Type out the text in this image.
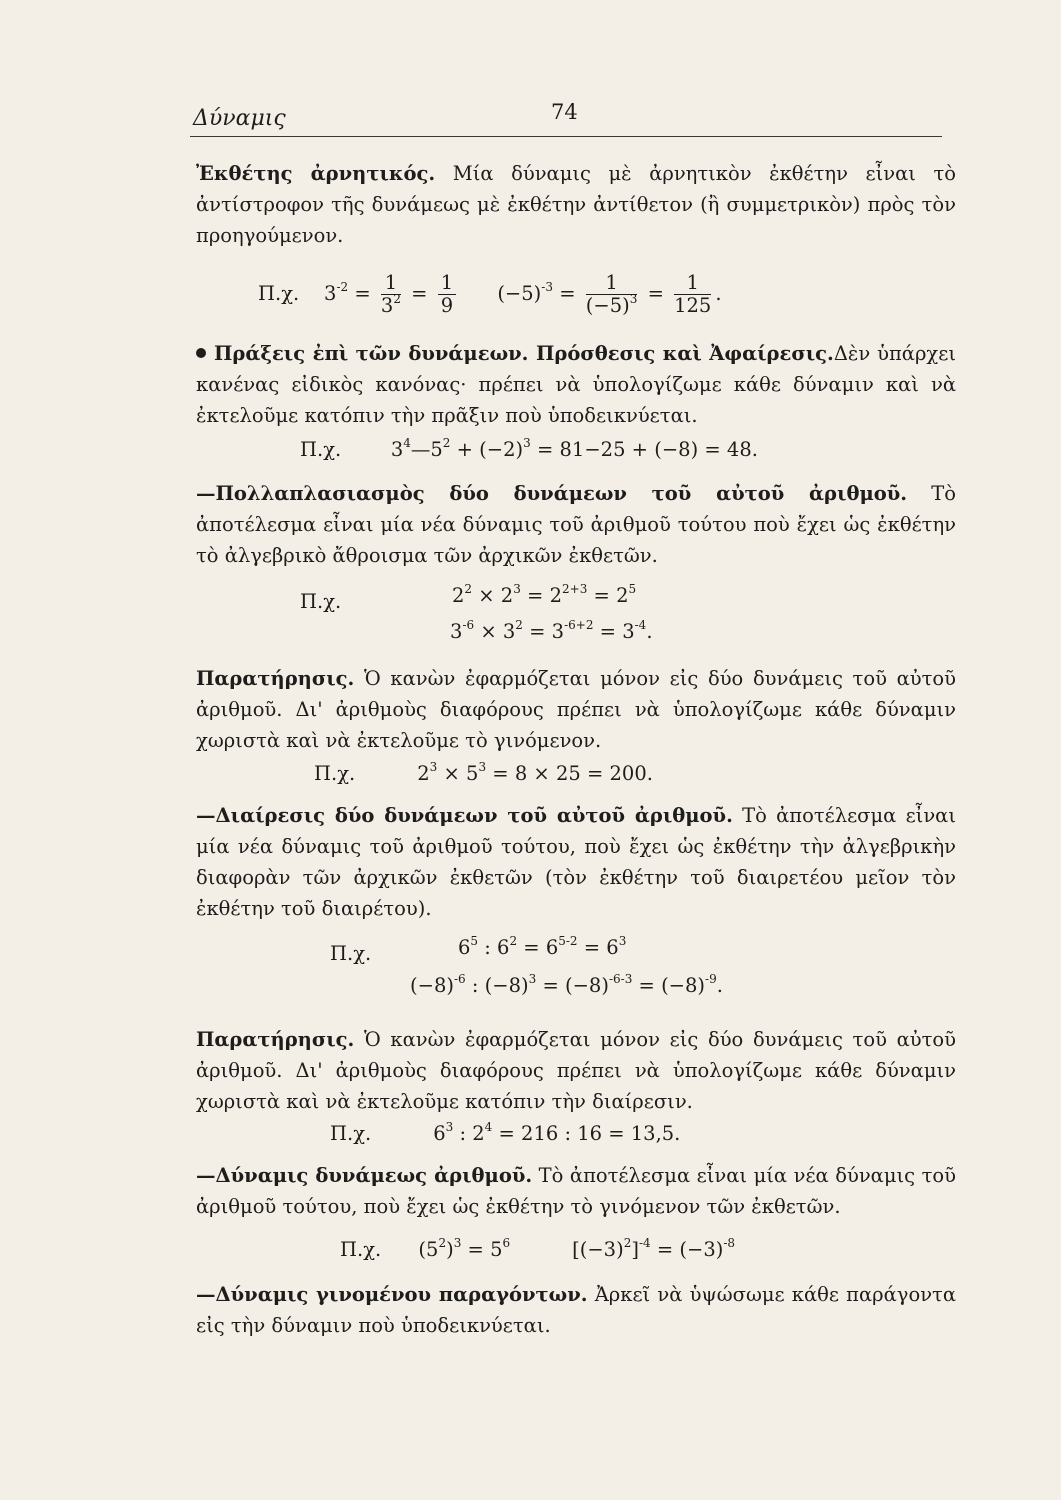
Δύναμις	74
Ἐκθέτης ἀρνητικός. Μία δύναμις μὲ ἀρνητικὸν ἐκθέτην εἶναι τὸ ἀντίστροφον τῆς δυνάμεως μὲ ἐκθέτην ἀντίθετον (ἢ συμμετρικὸν) πρὸς τὸν προηγούμενον.
Π.χ. $3^{-2} = \frac{1}{3^2} = \frac{1}{9} (-5)^{-3} = \frac{1}{(-5)^3} = \frac{1}{125}$ .
Πράξεις ἐπὶ τῶν δυνάμεων. Πρόσθεσις καὶ Ἀφαίρεσις.Δὲν ὑπάρχει κανένας εἰδικὸς κανόνας· πρέπει νὰ ὑπολογίζωμε κάθε δύναμιν καὶ νὰ ἐκτελοῦμε κατόπιν τὴν πρᾶξιν ποὺ ὑποδεικνύεται.
Π.χ.	$3^4—5^2 + (-2)^3 = 81-25 + (-8) = 48$.
—Πολλαπλασιασμὸς δύο δυνάμεων τοῦ αὐτοῦ ἀριθμοῦ. Τὸ ἀποτέλεσμα εἶναι μία νέα δύναμις τοῦ ἀριθμοῦ τούτου ποὺ ἔχει ὡς ἐκθέτην τὸ ἀλγεβρικὸ ἄθροισμα τῶν ἀρχικῶν ἐκθετῶν.
Π.χ.	$2^2 \times 2^3 = 2^{2+3} = 2^5$
$3^{-6} \times 3^2 = 3^{-6+2} = 3^{-4}$.
Παρατήρησις. Ὁ κανὼν ἐφαρμόζεται μόνον εἰς δύο δυνάμεις τοῦ αὐτοῦ ἀριθμοῦ. Δι' ἀριθμοὺς διαφόρους πρέπει νὰ ὑπολογίζωμε κάθε δύναμιν χωριστὰ καὶ νὰ ἐκτελοῦμε τὸ γινόμενον.
Π.χ.	$2^3 \times 5^3 = 8 \times 25 = 200$.
—Διαίρεσις δύο δυνάμεων τοῦ αὐτοῦ ἀριθμοῦ. Τὸ ἀποτέλεσμα εἶναι μία νέα δύναμις τοῦ ἀριθμοῦ τούτου, ποὺ ἔχει ὡς ἐκθέτην τὴν ἀλγεβρικὴν διαφορὰν τῶν ἀρχικῶν ἐκθετῶν (τὸν ἐκθέτην τοῦ διαιρετέου μεῖον τὸν ἐκθέτην τοῦ διαιρέτου).
Π.χ.	$6^5$ : $6^2 = 6^{5-2} = 6^3$
$(-8)^{-6}$ : $(-8)^3 = (-8)^{-6-3} = (-8)^{-9}$.
Παρατήρησις. Ὁ κανὼν ἐφαρμόζεται μόνον εἰς δύο δυνάμεις τοῦ αὐτοῦ ἀριθμοῦ. Δι' ἀριθμοὺς διαφόρους πρέπει νὰ ὑπολογίζωμε κάθε δύναμιν χωριστὰ καὶ νὰ ἐκτελοῦμε κατόπιν τὴν διαίρεσιν.
Π.χ.	$6^3$ : $2^4 = 216$ : 16 = 13,5.
—Δύναμις δυνάμεως ἀριθμοῦ. Τὸ ἀποτέλεσμα εἶναι μία νέα δύναμις τοῦ ἀριθμοῦ τούτου, ποὺ ἔχει ὡς ἐκθέτην τὸ γινόμενον τῶν ἐκθετῶν.
Π.χ. $(5^2)^3 = 5^6$	$[(-3)^2]^{-4} = (-3)^{-8}$
—Δύναμις γινομένου παραγόντων. Ἀρκεῖ νὰ ὑψώσωμε κάθε παράγοντα εἰς τὴν δύναμιν ποὺ ὑποδεικνύεται.
